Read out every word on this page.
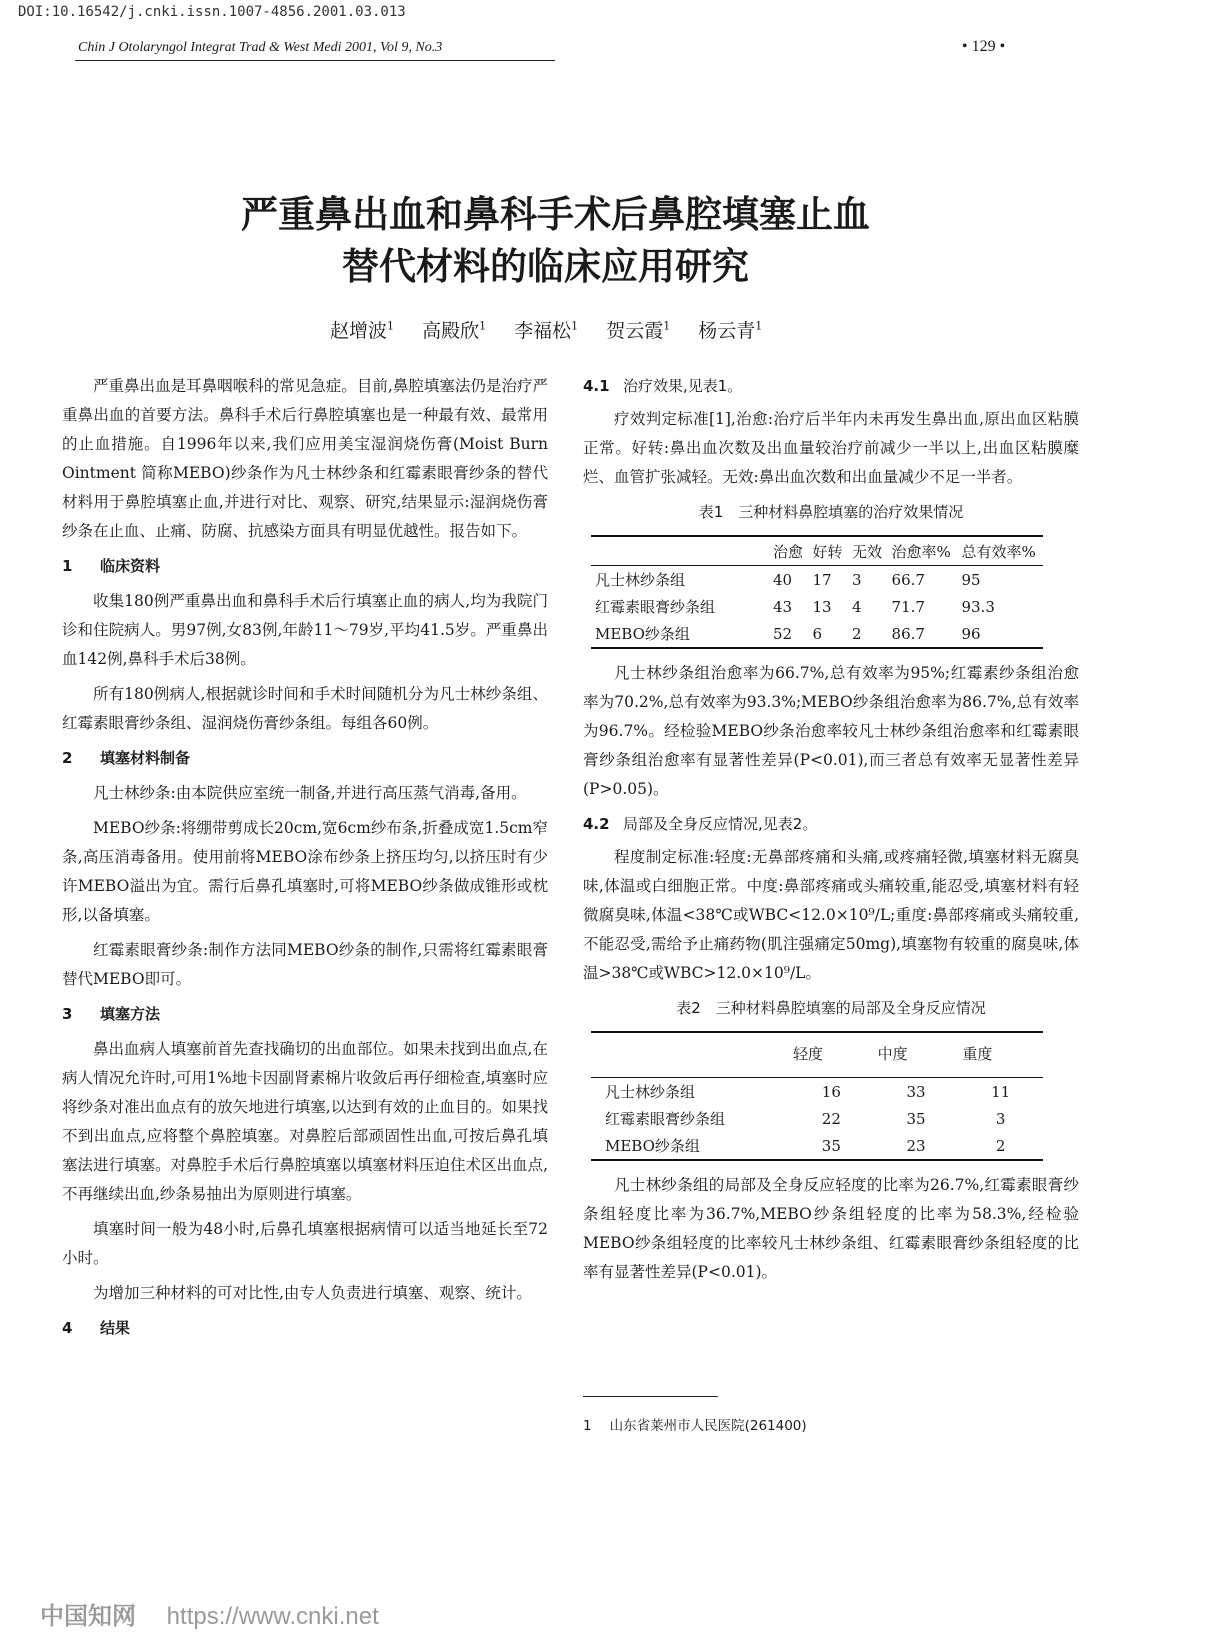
DOI:10.16542/j.cnki.issn.1007-4856.2001.03.013
Chin J Otolaryngol Integrat Trad & West Medi 2001, Vol 9, No.3	• 129 •
严重鼻出血和鼻科手术后鼻腔填塞止血
替代材料的临床应用研究
赵增波$^1$ 高殿欣$^1$ 李福松$^1$ 贺云霞$^1$ 杨云青$^1$

严重鼻出血是耳鼻咽喉科的常见急症。目前,鼻腔填塞法仍是治疗严重鼻出血的首要方法。鼻科手术后行鼻腔填塞也是一种最有效、最常用的止血措施。自1996年以来,我们应用美宝湿润烧伤膏(Moist Burn Ointment 简称MEBO)纱条作为凡士林纱条和红霉素眼膏纱条的替代材料用于鼻腔填塞止血,并进行对比、观察、研究,结果显示:湿润烧伤膏纱条在止血、止痛、防腐、抗感染方面具有明显优越性。报告如下。

1 临床资料

收集180例严重鼻出血和鼻科手术后行填塞止血的病人,均为我院门诊和住院病人。男97例,女83例,年龄11～79岁,平均41.5岁。严重鼻出血142例,鼻科手术后38例。

所有180例病人,根据就诊时间和手术时间随机分为凡士林纱条组、红霉素眼膏纱条组、湿润烧伤膏纱条组。每组各60例。

2 填塞材料制备

凡士林纱条:由本院供应室统一制备,并进行高压蒸气消毒,备用。

MEBO纱条:将绷带剪成长20cm,宽6cm纱布条,折叠成宽1.5cm窄条,高压消毒备用。使用前将MEBO涂布纱条上挤压均匀,以挤压时有少许MEBO溢出为宜。需行后鼻孔填塞时,可将MEBO纱条做成锥形或枕形,以备填塞。

红霉素眼膏纱条:制作方法同MEBO纱条的制作,只需将红霉素眼膏替代MEBO即可。

3 填塞方法

鼻出血病人填塞前首先查找确切的出血部位。如果未找到出血点,在病人情况允许时,可用1%地卡因副肾素棉片收敛后再仔细检查,填塞时应将纱条对准出血点有的放矢地进行填塞,以达到有效的止血目的。如果找不到出血点,应将整个鼻腔填塞。对鼻腔后部顽固性出血,可按后鼻孔填塞法进行填塞。对鼻腔手术后行鼻腔填塞以填塞材料压迫住术区出血点,不再继续出血,纱条易抽出为原则进行填塞。

填塞时间一般为48小时,后鼻孔填塞根据病情可以适当地延长至72小时。

为增加三种材料的可对比性,由专人负责进行填塞、观察、统计。

4 结果
4.1 治疗效果,见表1。

疗效判定标准[1],治愈:治疗后半年内未再发生鼻出血,原出血区粘膜正常。好转:鼻出血次数及出血量较治疗前减少一半以上,出血区粘膜糜烂、血管扩张减轻。无效:鼻出血次数和出血量减少不足一半者。

表1　三种材料鼻腔填塞的治疗效果情况
	治愈	好转	无效	治愈率%	总有效率%
凡士林纱条组	40	17	3	66.7	95
红霉素眼膏纱条组	43	13	4	71.7	93.3
MEBO纱条组	52	6	2	86.7	96

凡士林纱条组治愈率为66.7%,总有效率为95%;红霉素纱条组治愈率为70.2%,总有效率为93.3%;MEBO纱条组治愈率为86.7%,总有效率为96.7%。经检验MEBO纱条治愈率较凡士林纱条组治愈率和红霉素眼膏纱条组治愈率有显著性差异(P<0.01),而三者总有效率无显著性差异(P>0.05)。

4.2 局部及全身反应情况,见表2。

程度制定标准:轻度:无鼻部疼痛和头痛,或疼痛轻微,填塞材料无腐臭味,体温或白细胞正常。中度:鼻部疼痛或头痛较重,能忍受,填塞材料有轻微腐臭味,体温<38℃或WBC<12.0×10⁹/L;重度:鼻部疼痛或头痛较重,不能忍受,需给予止痛药物(肌注强痛定50mg),填塞物有较重的腐臭味,体温>38℃或WBC>12.0×10⁹/L。

表2　三种材料鼻腔填塞的局部及全身反应情况
	轻度	中度	重度
凡士林纱条组	16	33	11
红霉素眼膏纱条组	22	35	3
MEBO纱条组	35	23	2

凡士林纱条组的局部及全身反应轻度的比率为26.7%,红霉素眼膏纱条组轻度比率为36.7%,MEBO纱条组轻度的比率为58.3%,经检验MEBO纱条组轻度的比率较凡士林纱条组、红霉素眼膏纱条组轻度的比率有显著性差异(P<0.01)。

1 山东省莱州市人民医院(261400)
中国知网 https://www.cnki.net
